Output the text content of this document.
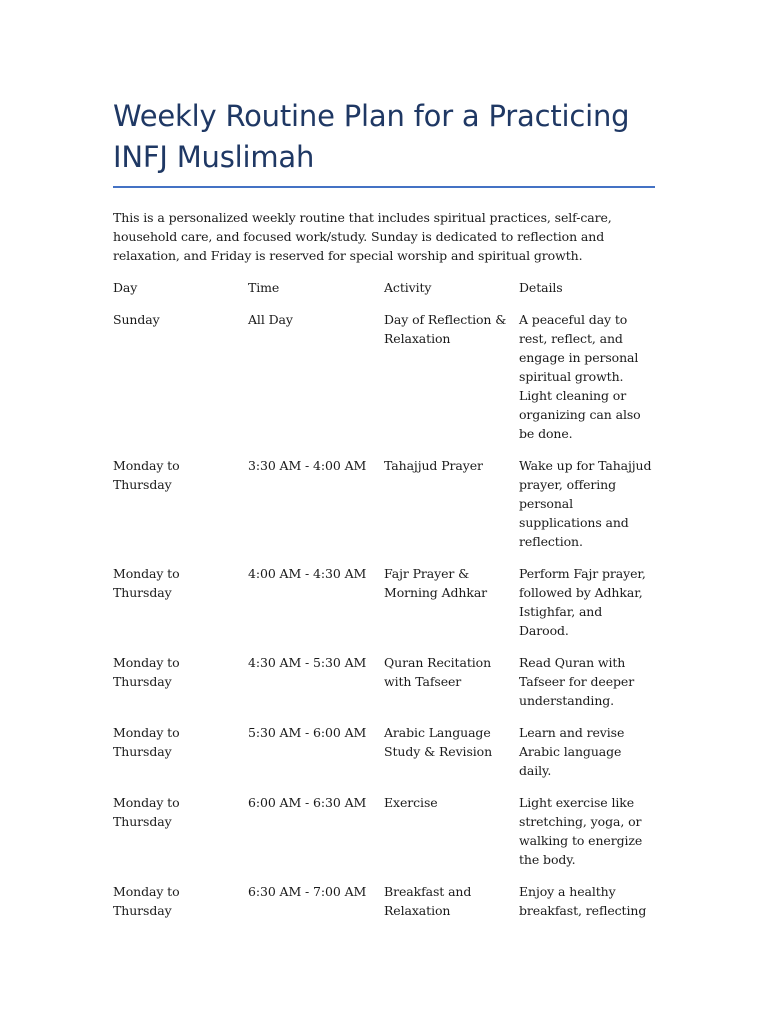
Weekly Routine Plan for a Practicing INFJ Muslimah

This is a personalized weekly routine that includes spiritual practices, self-care, household care, and focused work/study. Sunday is dedicated to reflection and relaxation, and Friday is reserved for special worship and spiritual growth.

Day	Time	Activity	Details
Sunday	All Day	Day of Reflection & Relaxation	A peaceful day to rest, reflect, and engage in personal spiritual growth. Light cleaning or organizing can also be done.
Monday to Thursday	3:30 AM - 4:00 AM	Tahajjud Prayer	Wake up for Tahajjud prayer, offering personal supplications and reflection.
Monday to Thursday	4:00 AM - 4:30 AM	Fajr Prayer & Morning Adhkar	Perform Fajr prayer, followed by Adhkar, Istighfar, and Darood.
Monday to Thursday	4:30 AM - 5:30 AM	Quran Recitation with Tafseer	Read Quran with Tafseer for deeper understanding.
Monday to Thursday	5:30 AM - 6:00 AM	Arabic Language Study & Revision	Learn and revise Arabic language daily.
Monday to Thursday	6:00 AM - 6:30 AM	Exercise	Light exercise like stretching, yoga, or walking to energize the body.
Monday to Thursday	6:30 AM - 7:00 AM	Breakfast and Relaxation	Enjoy a healthy breakfast, reflecting
